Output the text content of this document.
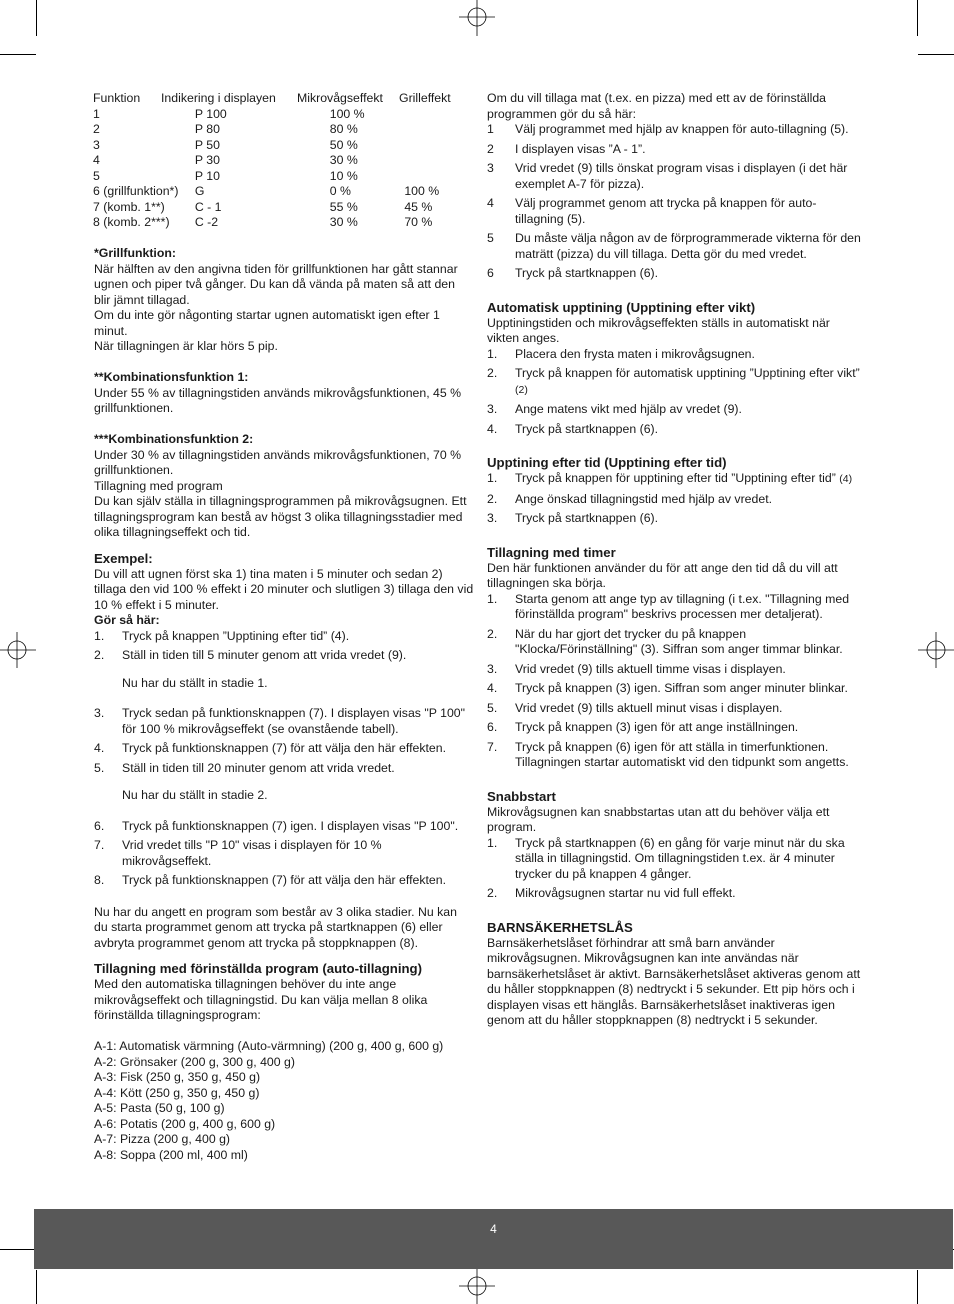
Funktion	Indikering i displayen	Mikrovågseffekt	Grilleffekt
1	P 100	100 %	
2	P 80	80 %	
3	P 50	50 %	
4	P 30	30 %	
5	P 10	10 %	
6 (grillfunktion*)	G	0 %	100 %
7 (komb. 1**)	C - 1	55 %	45 %
8 (komb. 2***)	C -2	30 %	70 %

*Grillfunktion:

När hälften av den angivna tiden för grillfunktionen har gått stannar ugnen och piper två gånger. Du kan då vända på maten så att den blir jämnt tillagad.

Om du inte gör någonting startar ugnen automatiskt igen efter 1 minut.

När tillagningen är klar hörs 5 pip.

**Kombinationsfunktion 1:

Under 55 % av tillagningstiden används mikrovågsfunktionen, 45 % grillfunktionen.

***Kombinationsfunktion 2:

Under 30 % av tillagningstiden används mikrovågsfunktionen, 70 % grillfunktionen.

Tillagning med program

Du kan själv ställa in tillagningsprogrammen på mikrovågsugnen. Ett tillagningsprogram kan bestå av högst 3 olika tillagningsstadier med olika tillagningseffekt och tid.

Exempel:

Du vill att ugnen först ska 1) tina maten i 5 minuter och sedan 2) tillaga den vid 100 % effekt i 20 minuter och slutligen 3) tillaga den vid 10 % effekt i 5 minuter.

Gör så här:

1. Tryck på knappen ”Upptining efter tid” (4).
2. Ställ in tiden till 5 minuter genom att vrida vredet (9).
Nu har du ställt in stadie 1.
3. Tryck sedan på funktionsknappen (7). I displayen visas "P 100" för 100 % mikrovågseffekt (se ovanstående tabell).
4. Tryck på funktionsknappen (7) för att välja den här effekten.
5. Ställ in tiden till 20 minuter genom att vrida vredet.
Nu har du ställt in stadie 2.
6. Tryck på funktionsknappen (7) igen. I displayen visas "P 100".
7. Vrid vredet tills "P 10" visas i displayen för 10 % mikrovågseffekt.
8. Tryck på funktionsknappen (7) för att välja den här effekten.

Nu har du angett en program som består av 3 olika stadier. Nu kan du starta programmet genom att trycka på startknappen (6) eller avbryta programmet genom att trycka på stoppknappen (8).

Tillagning med förinställda program (auto-tillagning)

Med den automatiska tillagningen behöver du inte ange mikrovågseffekt och tillagningstid. Du kan välja mellan 8 olika förinställda tillagningsprogram:

A-1: Automatisk värmning (Auto-värmning) (200 g, 400 g, 600 g)

A-2: Grönsaker (200 g, 300 g, 400 g)

A-3: Fisk (250 g, 350 g, 450 g)

A-4: Kött (250 g, 350 g, 450 g)

A-5: Pasta (50 g, 100 g)

A-6: Potatis (200 g, 400 g, 600 g)

A-7: Pizza (200 g, 400 g)

A-8: Soppa (200 ml, 400 ml)

Om du vill tillaga mat (t.ex. en pizza) med ett av de förinställda programmen gör du så här:

1 Välj programmet med hjälp av knappen för auto-tillagning (5).
2 I displayen visas ”A - 1”.
3 Vrid vredet (9) tills önskat program visas i displayen (i det här exemplet A-7 för pizza).
4 Välj programmet genom att trycka på knappen för auto-tillagning (5).
5 Du måste välja någon av de förprogrammerade vikterna för den maträtt (pizza) du vill tillaga. Detta gör du med vredet.
6 Tryck på startknappen (6).

Automatisk upptining (Upptining efter vikt)

Upptiningstiden och mikrovågseffekten ställs in automatiskt när vikten anges.

1. Placera den frysta maten i mikrovågsugnen.
2. Tryck på knappen för automatisk upptining ”Upptining efter vikt” (2)
3. Ange matens vikt med hjälp av vredet (9).
4. Tryck på startknappen (6).

Upptining efter tid (Upptining efter tid)

1. Tryck på knappen för upptining efter tid ”Upptining efter tid” (4)
2. Ange önskad tillagningstid med hjälp av vredet.
3. Tryck på startknappen (6).

Tillagning med timer

Den här funktionen använder du för att ange den tid då du vill att tillagningen ska börja.

1. Starta genom att ange typ av tillagning (i t.ex. "Tillagning med förinställda program" beskrivs processen mer detaljerat).
2. När du har gjort det trycker du på knappen "Klocka/Förinställning" (3). Siffran som anger timmar blinkar.
3. Vrid vredet (9) tills aktuell timme visas i displayen.
4. Tryck på knappen (3) igen. Siffran som anger minuter blinkar.
5. Vrid vredet (9) tills aktuell minut visas i displayen.
6. Tryck på knappen (3) igen för att ange inställningen.
7. Tryck på knappen (6) igen för att ställa in timerfunktionen. Tillagningen startar automatiskt vid den tidpunkt som angetts.

Snabbstart

Mikrovågsugnen kan snabbstartas utan att du behöver välja ett program.

1. Tryck på startknappen (6) en gång för varje minut när du ska ställa in tillagningstid. Om tillagningstiden t.ex. är 4 minuter trycker du på knappen 4 gånger.
2. Mikrovågsugnen startar nu vid full effekt.

BARNSÄKERHETSLÅS

Barnsäkerhetslåset förhindrar att små barn använder mikrovågsugnen. Mikrovågsugnen kan inte användas när barnsäkerhetslåset är aktivt. Barnsäkerhetslåset aktiveras genom att du håller stoppknappen (8) nedtryckt i 5 sekunder. Ett pip hörs och i displayen visas ett hänglås. Barnsäkerhetslåset inaktiveras igen genom att du håller stoppknappen (8) nedtryckt i 5 sekunder.

4
